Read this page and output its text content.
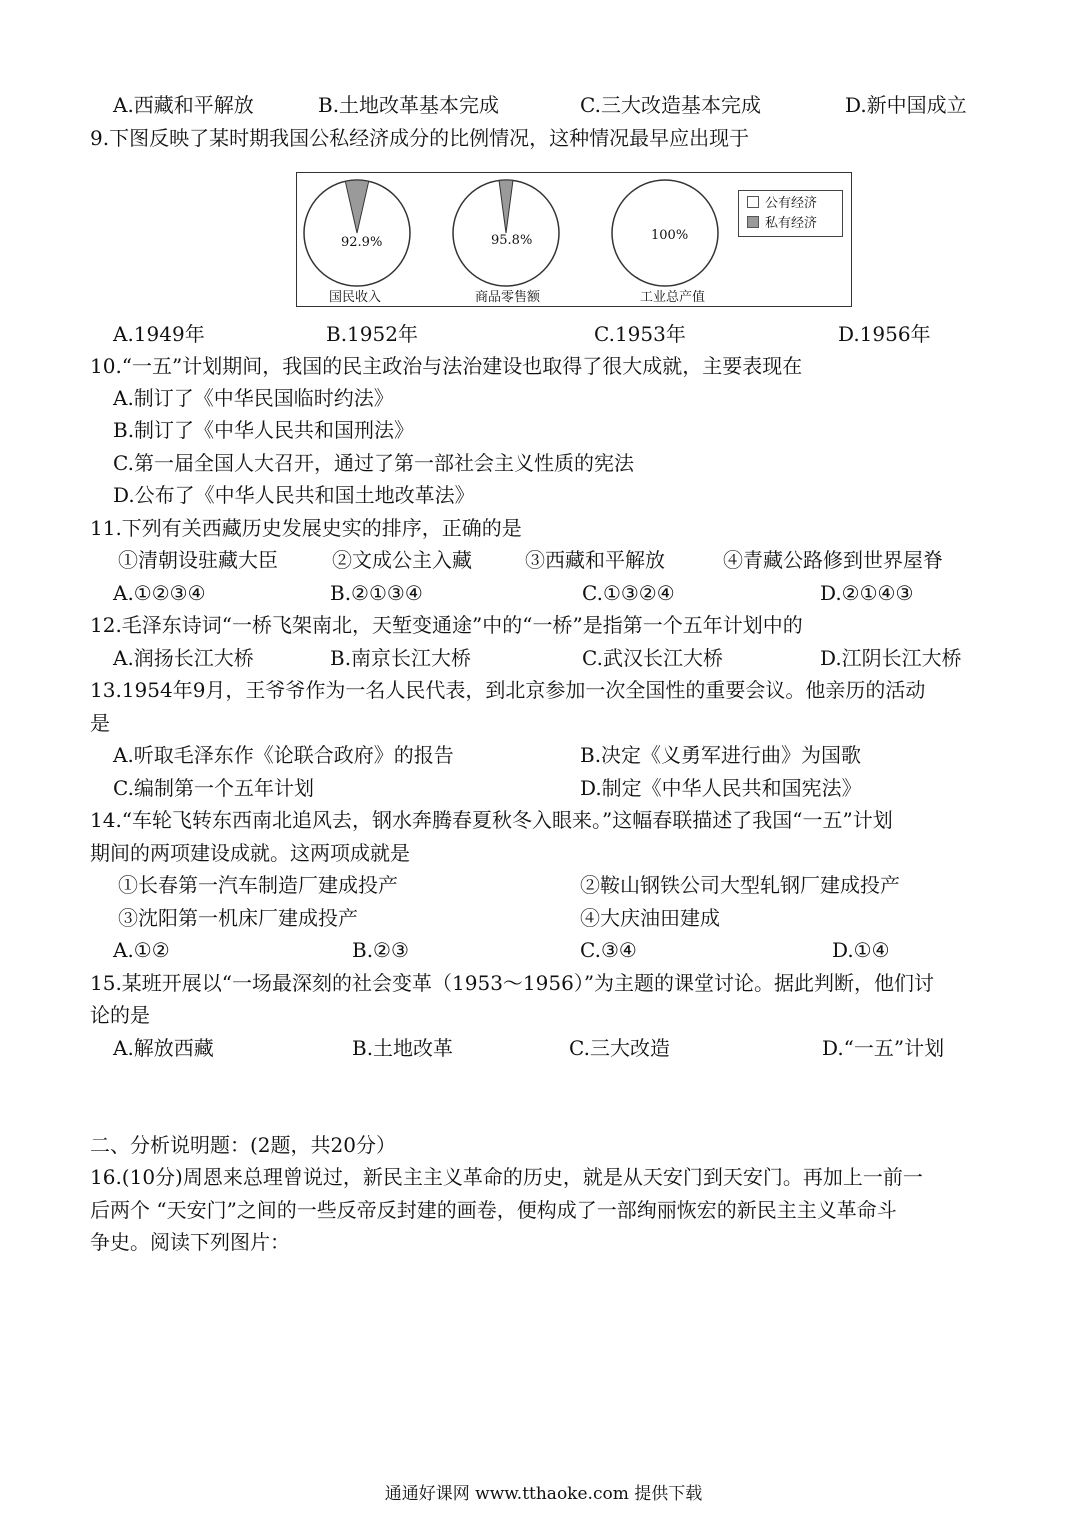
A.西藏和平解放	B.土地改革基本完成	C.三大改造基本完成	D.新中国成立
9.下图反映了某时期我国公私经济成分的比例情况，这种情况最早应出现于
公有经济
私有经济
92.9%	95.8%	100%
国民收入	商品零售额	工业总产值
A.1949年	B.1952年	C.1953年	D.1956年
10.“一五”计划期间，我国的民主政治与法治建设也取得了很大成就，主要表现在
A.制订了《中华民国临时约法》
B.制订了《中华人民共和国刑法》
C.第一届全国人大召开，通过了第一部社会主义性质的宪法
D.公布了《中华人民共和国土地改革法》
11.下列有关西藏历史发展史实的排序，正确的是
①清朝设驻藏大臣	②文成公主入藏	③西藏和平解放	④青藏公路修到世界屋脊
A.①②③④	B.②①③④	C.①③②④	D.②①④③
12.毛泽东诗词“一桥飞架南北，天堑变通途”中的“一桥”是指第一个五年计划中的
A.润扬长江大桥	B.南京长江大桥	C.武汉长江大桥	D.江阴长江大桥
13.1954年9月，王爷爷作为一名人民代表，到北京参加一次全国性的重要会议。他亲历的活动
是
A.听取毛泽东作《论联合政府》的报告	B.决定《义勇军进行曲》为国歌
C.编制第一个五年计划	D.制定《中华人民共和国宪法》
14.“车轮飞转东西南北追风去，钢水奔腾春夏秋冬入眼来。”这幅春联描述了我国“一五”计划
期间的两项建设成就。这两项成就是
①长春第一汽车制造厂建成投产	②鞍山钢铁公司大型轧钢厂建成投产
③沈阳第一机床厂建成投产	④大庆油田建成
A.①②	B.②③	C.③④	D.①④
15.某班开展以“一场最深刻的社会变革（1953～1956）”为主题的课堂讨论。据此判断，他们讨
论的是
A.解放西藏	B.土地改革	C.三大改造	D.“一五”计划
二、分析说明题：(2题，共20分）
16.(10分)周恩来总理曾说过，新民主主义革命的历史，就是从天安门到天安门。再加上一前一
后两个 “天安门”之间的一些反帝反封建的画卷，便构成了一部绚丽恢宏的新民主主义革命斗
争史。阅读下列图片：
通通好课网 www.tthaoke.com 提供下载
